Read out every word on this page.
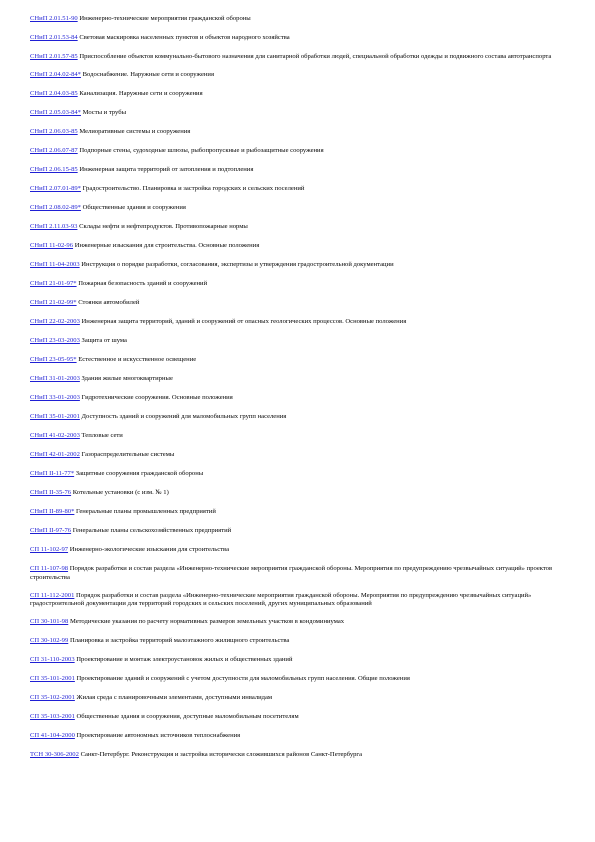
СНиП 2.01.51-90 Инженерно-технические мероприятия гражданской обороны
СНиП 2.01.53-84 Световая маскировка населенных пунктов и объектов народного хозяйства
СНиП 2.01.57-85 Приспособление объектов коммунально-бытового назначения для санитарной обработки людей, специальной обработки одежды и подвижного состава автотранспорта
СНиП 2.04.02-84* Водоснабжение. Наружные сети и сооружения
СНиП 2.04.03-85 Канализация. Наружные сети и сооружения
СНиП 2.05.03-84* Мосты и трубы
СНиП 2.06.03-85 Мелиоративные системы и сооружения
СНиП 2.06.07-87 Подпорные стены, судоходные шлюзы, рыбопропускные и рыбозащитные сооружения
СНиП 2.06.15-85 Инженерная защита территорий от затопления и подтопления
СНиП 2.07.01-89* Градостроительство. Планировка и застройка городских и сельских поселений
СНиП 2.08.02-89* Общественные здания и сооружения
СНиП 2.11.03-93 Склады нефти и нефтепродуктов. Противопожарные нормы
СНиП 11-02-96 Инженерные изыскания для строительства. Основные положения
СНиП 11-04-2003 Инструкция о порядке разработки, согласования, экспертизы и утверждения градостроительной документации
СНиП 21-01-97* Пожарная безопасность зданий и сооружений
СНиП 21-02-99* Стоянки автомобилей
СНиП 22-02-2003 Инженерная защита территорий, зданий и сооружений от опасных геологических процессов. Основные положения
СНиП 23-03-2003 Защита от шума
СНиП 23-05-95* Естественное и искусственное освещение
СНиП 31-01-2003 Здания жилые многоквартирные
СНиП 33-01-2003 Гидротехнические сооружения. Основные положения
СНиП 35-01-2001 Доступность зданий и сооружений для маломобильных групп населения
СНиП 41-02-2003 Тепловые сети
СНиП 42-01-2002 Газораспределительные системы
СНиП II-11-77* Защитные сооружения гражданской обороны
СНиП II-35-76 Котельные установки (с изм. № 1)
СНиП II-89-80* Генеральные планы промышленных предприятий
СНиП II-97-76 Генеральные планы сельскохозяйственных предприятий
СП 11-102-97 Инженерно-экологические изыскания для строительства
СП 11-107-98 Порядок разработки и состав раздела «Инженерно-технические мероприятия гражданской обороны. Мероприятия по предупреждению чрезвычайных ситуаций» проектов строительства
СП 11-112-2001 Порядок разработки и состав раздела «Инженерно-технические мероприятия гражданской обороны. Мероприятия по предупреждению чрезвычайных ситуаций» градостроительной документации для территорий городских и сельских поселений, других муниципальных образований
СП 30-101-98 Методические указания по расчету нормативных размеров земельных участков в кондоминиумах
СП 30-102-99 Планировка и застройка территорий малоэтажного жилищного строительства
СП 31-110-2003 Проектирование и монтаж электроустановок жилых и общественных зданий
СП 35-101-2001 Проектирование зданий и сооружений с учетом доступности для маломобильных групп населения. Общие положения
СП 35-102-2001 Жилая среда с планировочными элементами, доступными инвалидам
СП 35-103-2001 Общественные здания и сооружения, доступные маломобильным посетителям
СП 41-104-2000 Проектирование автономных источников теплоснабжения
ТСН 30-306-2002 Санкт-Петербург. Реконструкция и застройка исторически сложившихся районов Санкт-Петербурга
